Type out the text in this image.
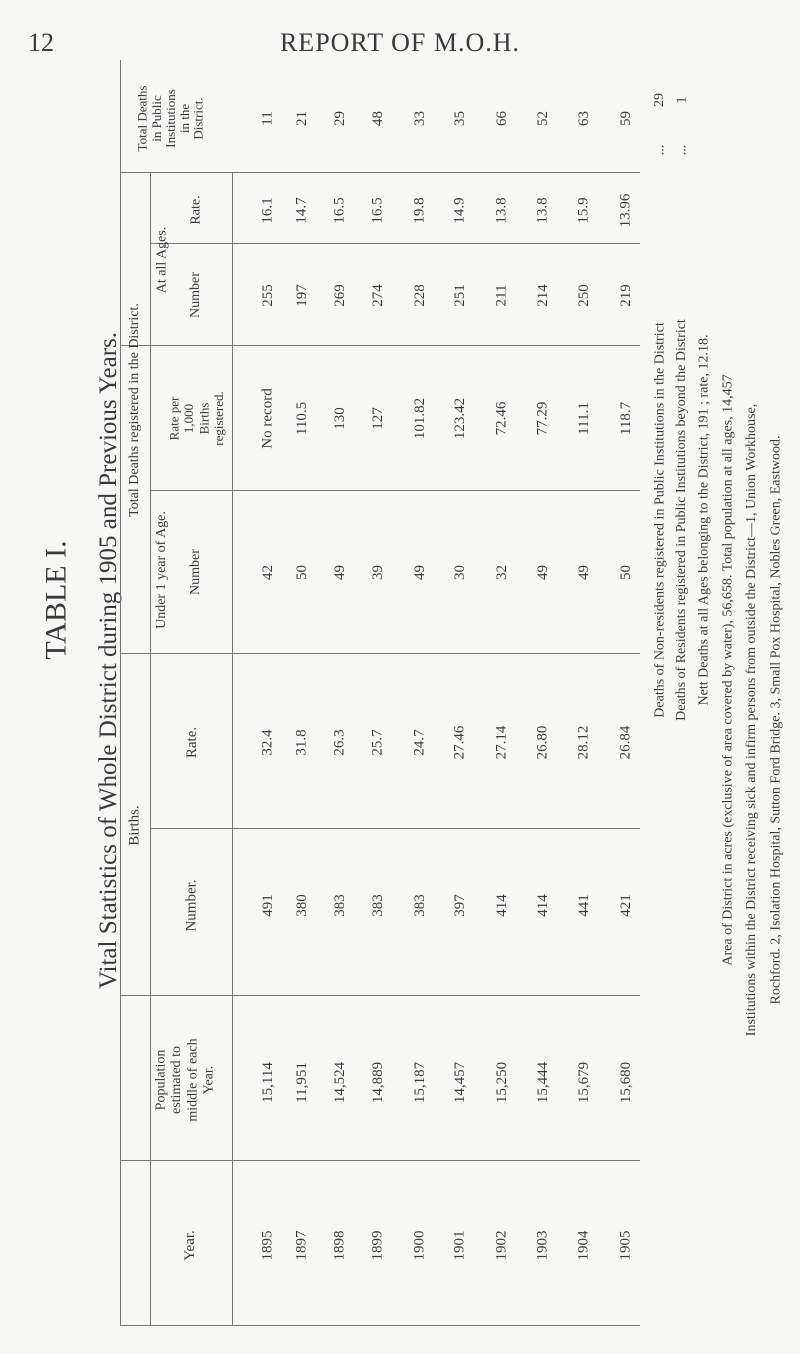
12	REPORT OF M.O.H.
TABLE I. Vital Statistics of Whole District during 1905 and Previous Years.
Year.
Population estimated to middle of each Year.
Births.
Number.
Rate.
Total Deaths registered in the District.
Under 1 year of Age. Number
Rate per 1,000 Births registered.
At all Ages.
Number
Rate.
Total Deaths
in Public
Institutions in the District.
1895
15,114
491
32.4
42
255
16.1
11
1897
11,951
380
31.8
50
110.5
197
14.7
21
1898
14,524
383
26.3
49
130
269
16.5
29
1899
14,889
383
25.7
39
127
274
16.5
48
1900
15,187
383
24.7
49
101.82
228
19.8
33
1901
14,457
397
27.46
30
123.42
251
14.9
35
1902
15,250
414
27.14
32
72.46
211
13.8
66
1903
15,444
414
26.80
49
77.29
214
13.8
52
1904
15,679
441
28.12
49
111.1
250
15.9
63
1905
15,680
421
26.84
50
118.7
219
13.96
59
No record	Deaths of Non-residents registered in Public Institutions in the District
...
29
Deaths of Residents registered in Public Institutions beyond the District
...
1
Nett Deaths at all Ages belonging to the District, 191 ; rate, 12.18. Area of District in acres (exclusive of area covered by water), 56,658. Total population at all ages, 14,457 Institutions within the District receiving sick and infirm persons from outside the District—1, Union Workhouse, Rochford. 2, Isolation Hospital, Sutton Ford Bridge. 3, Small Pox Hospital, Nobles Green, Eastwood.
